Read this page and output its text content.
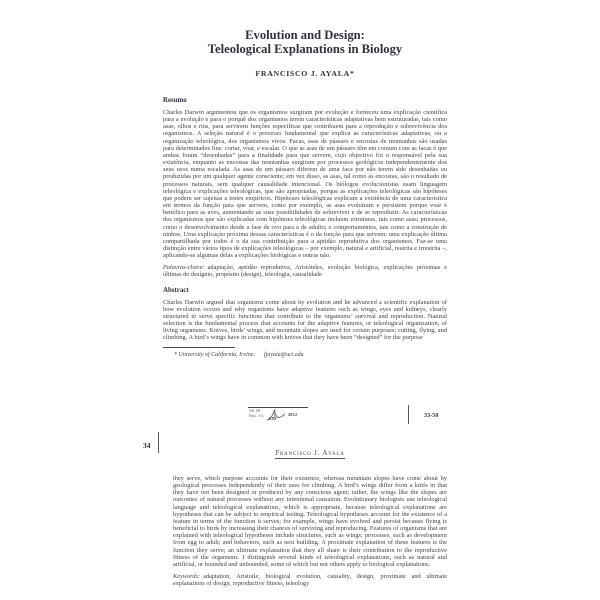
Evolution and Design:
Teleological Explanations in Biology
FRANCISCO J. AYALA*
Resumo

Charles Darwin argumentou que os organismos surgiram por evolução e forneceu uma explicação científica para a evolução e para o porquê dos organismos terem características adaptativas bem estruturadas, tais como asas, olhos e rins, para servirem funções específicas que contribuem para a reprodução e sobrevivência dos organismos. A seleção natural é o processo fundamental que explica as características adaptativas, ou a organização teleológica, dos organismos vivos. Facas, asas de pássaro e encostas de montanhas são usadas para determinados fins: cortar, voar, e escalar. O que as asas de um pássaro têm em comum com as facas é que ambas foram “desenhadas” para a finalidade para que servem, cujo objectivo foi o responsável pela sua existência, enquanto as encostas das montanhas surgiram por processos geológicos independentemente dos seus usos numa escalada. As asas de um pássaro diferem de uma faca por não terem sido desenhadas ou produzidas por um qualquer agente consciente; em vez disso, as asas, tal como as encostas, são o resultado de processos naturais, sem qualquer causalidade intencional. Os biólogos evolucionistas usam linguagem teleológica e explicações teleológicas, que são apropriadas, porque as explicações teleológicas são hipóteses que podem ser sujeitas a testes empíricos. Hipóteses teleológicas explicam a existência de uma característica em termos da função para que servem, como por exemplo, as asas evoluíram e persistem porque voar é benéfico para as aves, aumentando as suas possibilidades de sobreviver e de se reproduzir. As características dos organismos que são explicadas com hipóteses teleológicas incluem estruturas, tais como asas; processos, como o desenvolvimento desde a fase de ovo para a de adulto; e comportamentos, tais como a construção de ninhos. Uma explicação próxima dessas características é o da função para que servem; uma explicação última compartilhada por todos é o da sua contribuição para a aptidão reprodutiva dos organismos. Faz-se uma distinção entre vários tipos de explicações teleológicas – por exemplo, natural e artificial, restrita e irrestrita –, aplicando-se algumas delas a explicações biológicas e outras não.

Palavras-chave: adaptação, aptidão reprodutiva, Aristóteles, evolução biológica, explicações próximas e últimas do desígnio, propósito (design), teleologia, causalidade

Abstract

Charles Darwin argued that organisms come about by evolution and he advanced a scientific explanation of how evolution occurs and why organisms have adaptive features such as wings, eyes and kidneys, clearly structured to serve specific functions that contribute to the organisms’ survival and reproduction. Natural selection is the fundamental process that accounts for the adaptive features, or teleological organization, of living organisms. Knives, birds’ wings, and mountain slopes are used for certain purposes: cutting, flying, and climbing. A bird’s wings have in common with knives that they have been “designed” for the purpose

* University of California, Irvine. fjayala@uci.edu
Vol. 68
Fasc. 1-2
RPF
2012	33-50
34
Francisco J. Ayala

they serve, which purpose accounts for their existence, whereas mountain slopes have come about by geological processes independently of their uses for climbing. A bird’s wings differ from a knife in that they have not been designed or produced by any conscious agent; rather, the wings like the slopes are outcomes of natural processes without any intentional causation. Evolutionary biologists use teleological language and teleological explanations, which is appropriate, because teleological explanations are hypotheses that can be subject to empirical testing. Teleological hypotheses account for the existence of a feature in terms of the function it serves; for example, wings have evolved and persist because flying is beneficial to birds by increasing their chances of surviving and reproducing. Features of organisms that are explained with teleological hypotheses include structures, such as wings; processes, such as development from egg to adult; and behaviors, such as nest building. A proximate explanation of these features is the function they serve; an ultimate explanation that they all share is their contribution to the reproductive fitness of the organisms. I distinguish several kinds of teleological explanations, such as natural and artificial, or bounded and unbounded, some of which but not others apply to biological explanations.

Keywords: adaptation, Aristotle, biological evolution, causality, design, proximate and ultimate explanations of design, reproductive fitness, teleology
